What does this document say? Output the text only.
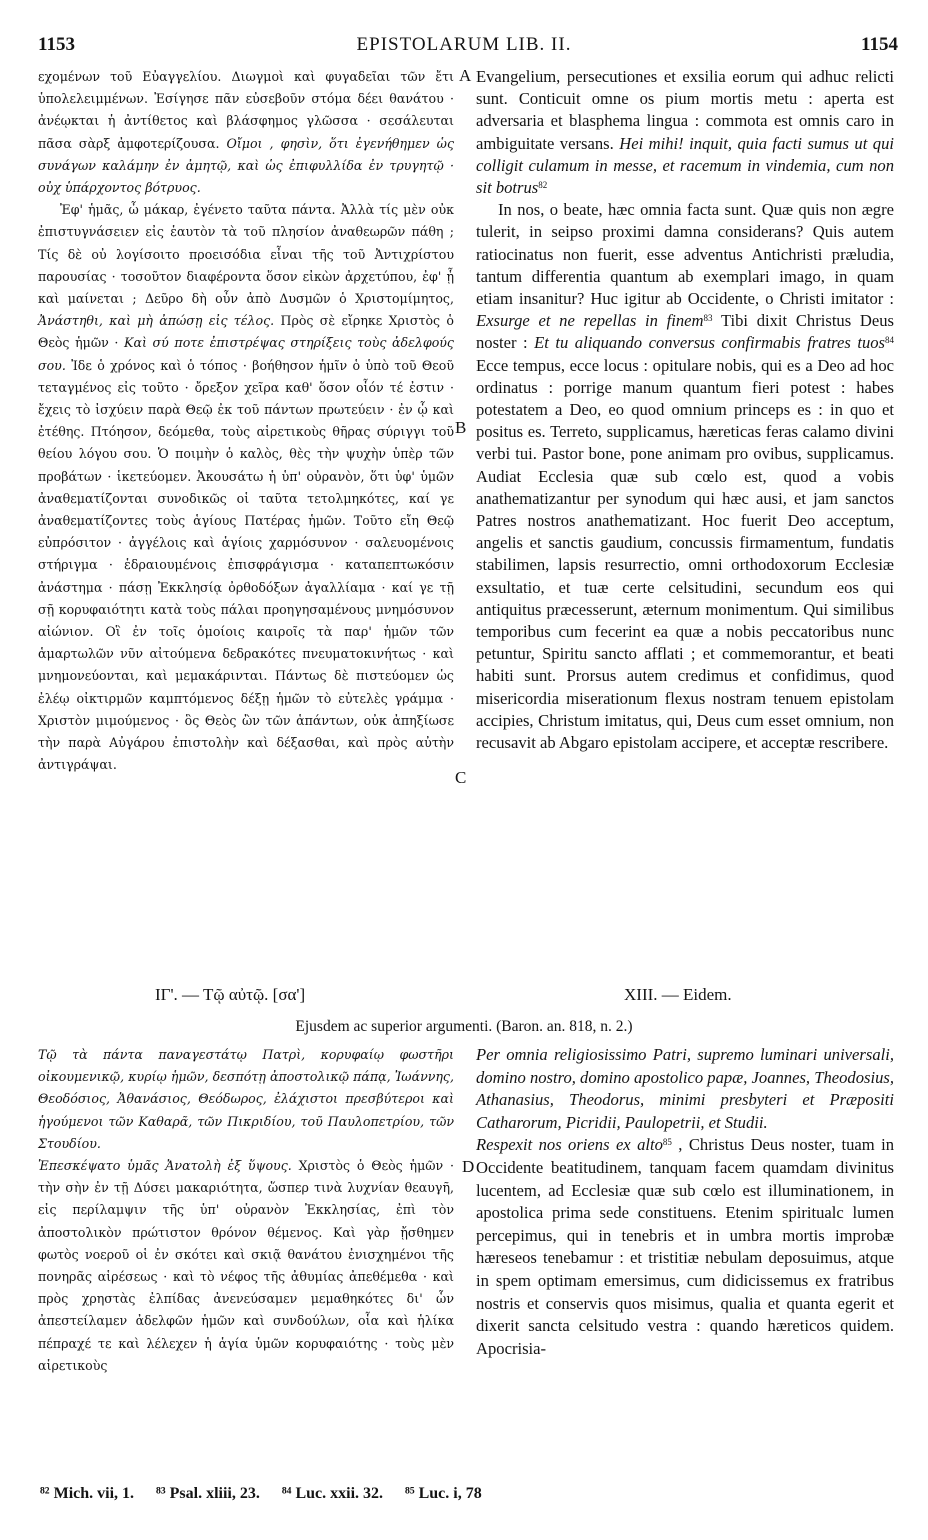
1153	EPISTOLARUM LIB. II.	1154

εχομένων τοῦ Εὐαγγελίου. Διωγμοὶ καὶ φυγαδεῖαι τῶν ἔτι ὑπολελειμμένων. Ἐσίγησε πᾶν εὐσεβοῦν στόμα δέει θανάτου · ἀνέῳκται ἡ ἀντίθετος καὶ βλάσφημος γλῶσσα · σεσάλευται πᾶσα σὰρξ ἀμφοτερίζουσα. Οἴμοι , φησὶν, ὅτι ἐγενήθημεν ὡς συνάγων καλάμην ἐν ἀμητῷ, καὶ ὡς ἐπιφυλλίδα ἐν τρυγητῷ · οὐχ ὑπάρχοντος βότρυος.

Ἐφ' ἡμᾶς, ὦ μάκαρ, ἐγένετο ταῦτα πάντα. Ἀλλὰ τίς μὲν οὐκ ἐπιστυγνάσειεν εἰς ἑαυτὸν τὰ τοῦ πλησίον ἀναθεωρῶν πάθη ; Τίς δὲ οὐ λογίσοιτο προεισόδια εἶναι τῆς τοῦ Ἀντιχρίστου παρουσίας · τοσοῦτον διαφέροντα ὅσον εἰκὼν ἀρχετύπου, ἐφ' ᾗ καὶ μαίνεται ; Δεῦρο δὴ οὖν ἀπὸ Δυσμῶν ὁ Χριστομίμητος, Ἀνάστηθι, καὶ μὴ ἀπώσῃ εἰς τέλος. Πρὸς σὲ εἴρηκε Χριστὸς ὁ Θεὸς ἡμῶν · Καὶ σύ ποτε ἐπιστρέψας στηρίξεις τοὺς ἀδελφούς σου. Ἰδε ὁ χρόνος καὶ ὁ τόπος · βοήθησον ἡμῖν ὁ ὑπὸ τοῦ Θεοῦ τεταγμένος εἰς τοῦτο · ὄρεξον χεῖρα καθ' ὅσον οἷόν τέ ἐστιν · ἔχεις τὸ ἰσχύειν παρὰ Θεῷ ἐκ τοῦ πάντων πρωτεύειν · ἐν ᾧ καὶ ἐτέθης. Πτόησον, δεόμεθα, τοὺς αἱρετικοὺς θῆρας σύριγγι τοῦ θείου λόγου σου. Ὁ ποιμὴν ὁ καλὸς, θὲς τὴν ψυχὴν ὑπὲρ τῶν προβάτων · ἱκετεύομεν. Ἀκουσάτω ἡ ὑπ' οὐρανὸν, ὅτι ὑφ' ὑμῶν ἀναθεματίζονται συνοδικῶς οἱ ταῦτα τετολμηκότες, καί γε ἀναθεματίζοντες τοὺς ἁγίους Πατέρας ἡμῶν. Τοῦτο εἴη Θεῷ εὐπρόσιτον · ἀγγέλοις καὶ ἁγίοις χαρμόσυνον · σαλευομένοις στήριγμα · ἑδραιουμένοις ἐπισφράγισμα · καταπεπτωκόσιν ἀνάστημα · πάσῃ Ἐκκλησίᾳ ὀρθοδόξων ἀγαλλίαμα · καί γε τῇ σῇ κορυφαιότητι κατὰ τοὺς πάλαι προηγησαμένους μνημόσυνον αἰώνιον. Οἳ ἐν τοῖς ὁμοίοις καιροῖς τὰ παρ' ἡμῶν τῶν ἁμαρτωλῶν νῦν αἰτούμενα δεδρακότες πνευματοκινήτως · καὶ μνημονεύονται, καὶ μεμακάρινται. Πάντως δὲ πιστεύομεν ὡς ἐλέῳ οἰκτιρμῶν καμπτόμενος δέξῃ ἡμῶν τὸ εὐτελὲς γράμμα · Χριστὸν μιμούμενος · ὃς Θεὸς ὢν τῶν ἁπάντων, οὐκ ἀπηξίωσε τὴν παρὰ Αὐγάρου ἐπιστολὴν καὶ δέξασθαι, καὶ πρὸς αὐτὴν ἀντιγράψαι.

Evangelium, persecutiones et exsilia eorum qui adhuc relicti sunt. Conticuit omne os pium mortis metu : aperta est adversaria et blasphema lingua : commota est omnis caro in ambiguitate versans. Hei mihi! inquit, quia facti sumus ut qui colligit culamum in messe, et racemum in vindemia, cum non sit botrus$^{82}$

In nos, o beate, hæc omnia facta sunt. Quæ quis non ægre tulerit, in seipso proximi damna considerans? Quis autem ratiocinatus non fuerit, esse adventus Antichristi præludia, tantum differentia quantum ab exemplari imago, in quam etiam insanitur? Huc igitur ab Occidente, o Christi imitator : Exsurge et ne repellas in finem$^{83}$ Tibi dixit Christus Deus noster : Et tu aliquando conversus confirmabis fratres tuos$^{84}$ Ecce tempus, ecce locus : opitulare nobis, qui es a Deo ad hoc ordinatus : porrige manum quantum fieri potest : habes potestatem a Deo, eo quod omnium princeps es : in quo et positus es. Terreto, supplicamus, hæreticas feras calamo divini verbi tui. Pastor bone, pone animam pro ovibus, supplicamus. Audiat Ecclesia quæ sub cœlo est, quod a vobis anathematizantur per synodum qui hæc ausi, et jam sanctos Patres nostros anathematizant. Hoc fuerit Deo acceptum, angelis et sanctis gaudium, concussis firmamentum, fundatis stabilimen, lapsis resurrectio, omni orthodoxorum Ecclesiæ exsultatio, et tuæ certe celsitudini, secundum eos qui antiquitus præcesserunt, æternum monimentum. Qui similibus temporibus cum fecerint ea quæ a nobis peccatoribus nunc petuntur, Spiritu sancto afflati ; et commemorantur, et beati habiti sunt. Prorsus autem credimus et confidimus, quod misericordia miserationum flexus nostram tenuem epistolam accipies, Christum imitatus, qui, Deus cum esset omnium, non recusavit ab Abgaro epistolam accipere, et acceptæ rescribere.

A
B
C
D
ΙΓ'. — Τῷ αὐτῷ. [σα']	XIII. — Eidem.
Ejusdem ac superior argumenti. (Baron. an. 818, n. 2.)

Τῷ τὰ πάντα παναγεστάτῳ Πατρὶ, κορυφαίῳ φωστῆρι οἰκουμενικῷ, κυρίῳ ἡμῶν, δεσπότῃ ἀποστολικῷ πάπᾳ, Ἰωάννης, Θεοδόσιος, Ἀθανάσιος, Θεόδωρος, ἐλάχιστοι πρεσβύτεροι καὶ ἡγούμενοι τῶν Καθαρᾶ, τῶν Πικριδίου, τοῦ Παυλοπετρίου, τῶν Στουδίου.

Ἐπεσκέψατο ὑμᾶς Ἀνατολὴ ἐξ ὕψους. Χριστὸς ὁ Θεὸς ἡμῶν · τὴν σὴν ἐν τῇ Δύσει μακαριότητα, ὥσπερ τινὰ λυχνίαν θεαυγῆ, εἰς περίλαμψιν τῆς ὑπ' οὐρανὸν Ἐκκλησίας, ἐπὶ τὸν ἀποστολικὸν πρώτιστον θρόνον θέμενος. Καὶ γὰρ ᾔσθημεν φωτὸς νοεροῦ οἱ ἐν σκότει καὶ σκιᾷ θανάτου ἐνισχημένοι τῆς πονηρᾶς αἱρέσεως · καὶ τὸ νέφος τῆς ἀθυμίας ἀπεθέμεθα · καὶ πρὸς χρηστὰς ἐλπίδας ἀνενεύσαμεν μεμαθηκότες δι' ὧν ἀπεστείλαμεν ἀδελφῶν ἡμῶν καὶ συνδούλων, οἷα καὶ ἡλίκα πέπραχέ τε καὶ λέλεχεν ἡ ἁγία ὑμῶν κορυφαιότης · τοὺς μὲν αἱρετικοὺς

Per omnia religiosissimo Patri, supremo luminari universali, domino nostro, domino apostolico papæ, Joannes, Theodosius, Athanasius, Theodorus, minimi presbyteri et Præpositi Catharorum, Picridii, Paulopetrii, et Studii.

Respexit nos oriens ex alto$^{85}$ , Christus Deus noster, tuam in Occidente beatitudinem, tanquam facem quamdam divinitus lucentem, ad Ecclesiæ quæ sub cœlo est illuminationem, in apostolica prima sede constituens. Etenim spiritualc lumen percepimus, qui in tenebris et in umbra mortis improbæ hæreseos tenebamur : et tristitiæ nebulam deposuimus, atque in spem optimam emersimus, cum didicissemus ex fratribus nostris et conservis quos misimus, qualia et quanta egerit et dixerit sancta celsitudo vestra : quando hæreticos quidem. Apocrisia-

⁸² Mich. vii, 1. ⁸³ Psal. xliii, 23. ⁸⁴ Luc. xxii. 32. ⁸⁵ Luc. i, 78
